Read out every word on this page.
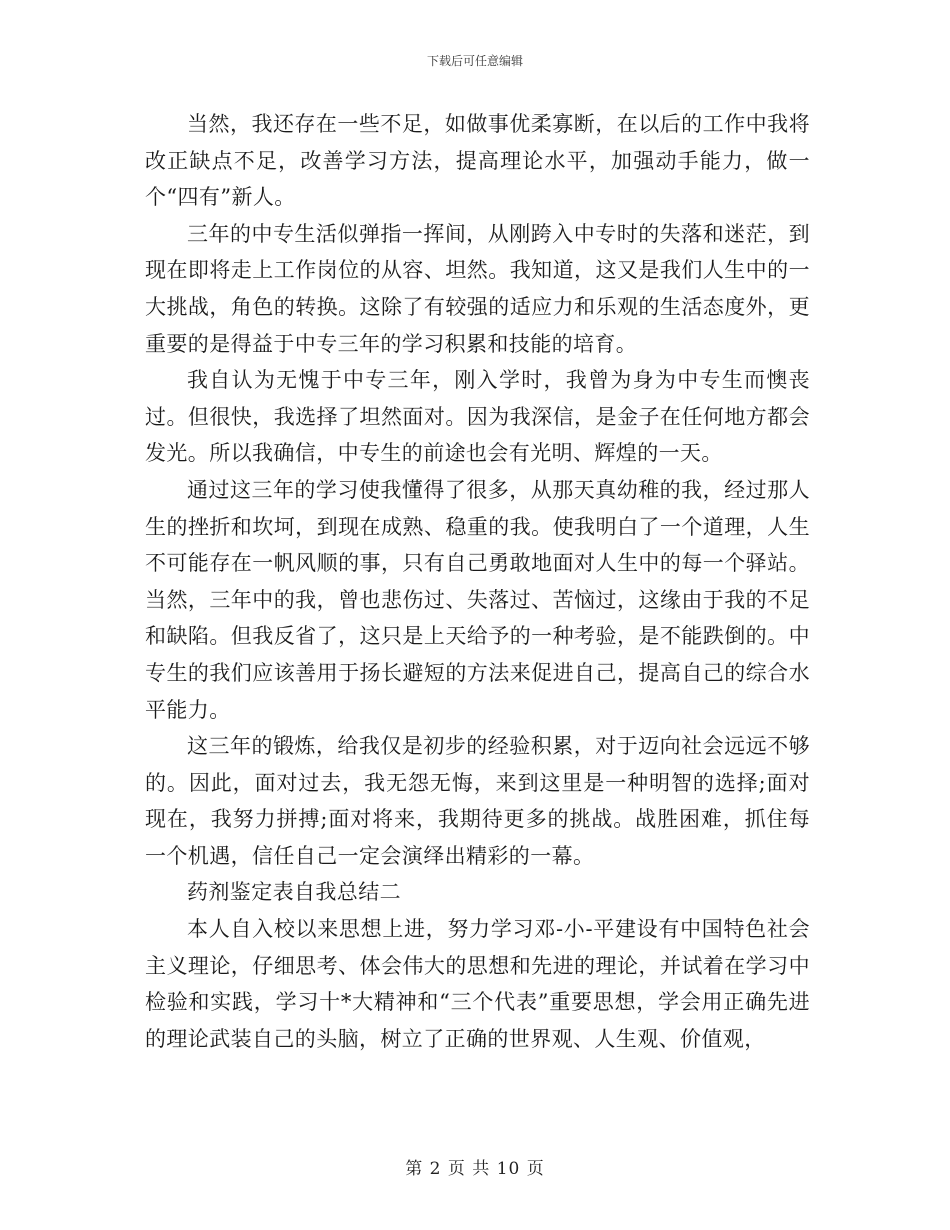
下载后可任意编辑

当然，我还存在一些不足，如做事优柔寡断，在以后的工作中我将改正缺点不足，改善学习方法，提高理论水平，加强动手能力，做一个“四有”新人。

三年的中专生活似弹指一挥间，从刚跨入中专时的失落和迷茫，到现在即将走上工作岗位的从容、坦然。我知道，这又是我们人生中的一大挑战，角色的转换。这除了有较强的适应力和乐观的生活态度外，更重要的是得益于中专三年的学习积累和技能的培育。

我自认为无愧于中专三年，刚入学时，我曾为身为中专生而懊丧过。但很快，我选择了坦然面对。因为我深信，是金子在任何地方都会发光。所以我确信，中专生的前途也会有光明、辉煌的一天。

通过这三年的学习使我懂得了很多，从那天真幼稚的我，经过那人生的挫折和坎坷，到现在成熟、稳重的我。使我明白了一个道理，人生不可能存在一帆风顺的事，只有自己勇敢地面对人生中的每一个驿站。当然，三年中的我，曾也悲伤过、失落过、苦恼过，这缘由于我的不足和缺陷。但我反省了，这只是上天给予的一种考验，是不能跌倒的。中专生的我们应该善用于扬长避短的方法来促进自己，提高自己的综合水平能力。

这三年的锻炼，给我仅是初步的经验积累，对于迈向社会远远不够的。因此，面对过去，我无怨无悔，来到这里是一种明智的选择;面对现在，我努力拼搏;面对将来，我期待更多的挑战。战胜困难，抓住每一个机遇，信任自己一定会演绎出精彩的一幕。

药剂鉴定表自我总结二

本人自入校以来思想上进，努力学习邓-小-平建设有中国特色社会主义理论，仔细思考、体会伟大的思想和先进的理论，并试着在学习中检验和实践，学习十*大精神和“三个代表”重要思想，学会用正确先进的理论武装自己的头脑，树立了正确的世界观、人生观、价值观，

第 2 页 共 10 页
